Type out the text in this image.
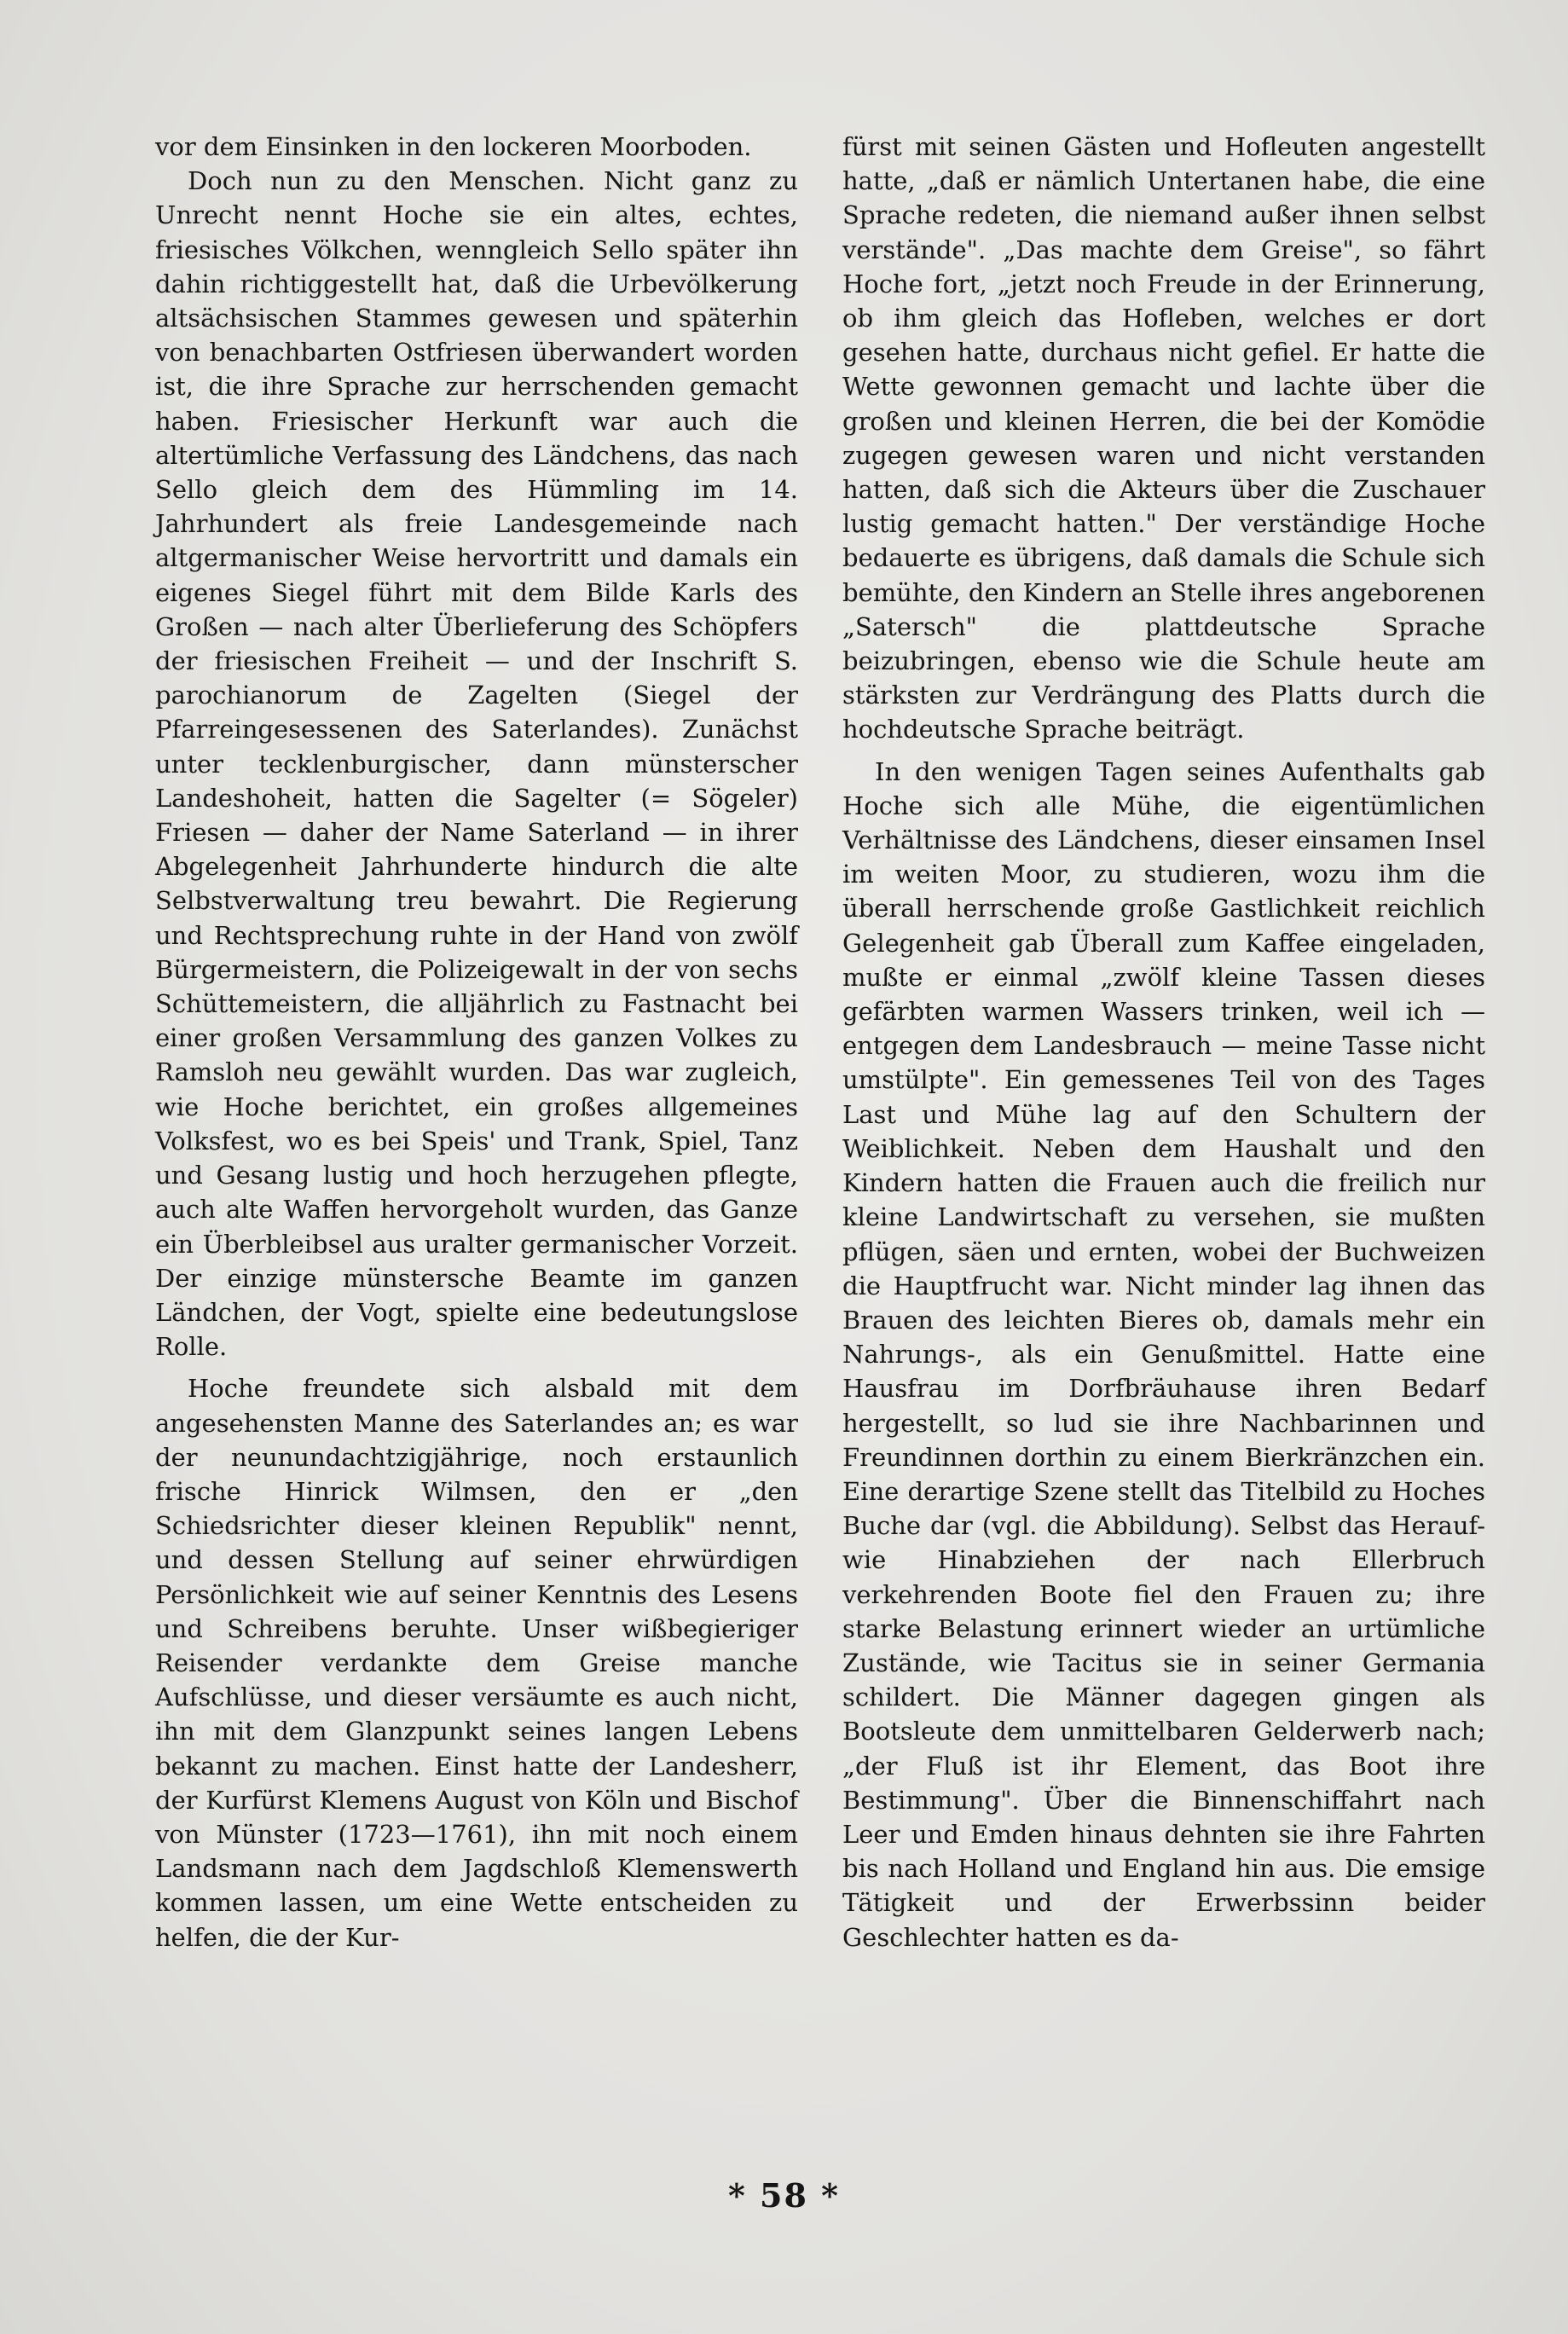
vor dem Einsinken in den lockeren Moorboden.

Doch nun zu den Menschen. Nicht ganz zu Unrecht nennt Hoche sie ein altes, echtes, friesisches Völkchen, wenngleich Sello später ihn dahin richtiggestellt hat, daß die Urbevölkerung altsächsischen Stammes gewesen und späterhin von benachbarten Ostfriesen überwandert worden ist, die ihre Sprache zur herrschenden gemacht haben. Friesischer Herkunft war auch die altertümliche Verfassung des Ländchens, das nach Sello gleich dem des Hümmling im 14. Jahrhundert als freie Landesgemeinde nach altgermanischer Weise hervortritt und damals ein eigenes Siegel führt mit dem Bilde Karls des Großen — nach alter Überlieferung des Schöpfers der friesischen Freiheit — und der Inschrift S. parochianorum de Zagelten (Siegel der Pfarreingesessenen des Saterlandes). Zunächst unter tecklenburgischer, dann münsterscher Landeshoheit, hatten die Sagelter (= Sögeler) Friesen — daher der Name Saterland — in ihrer Abgelegenheit Jahrhunderte hindurch die alte Selbstverwaltung treu bewahrt. Die Regierung und Rechtsprechung ruhte in der Hand von zwölf Bürgermeistern, die Polizeigewalt in der von sechs Schüttemeistern, die alljährlich zu Fastnacht bei einer großen Versammlung des ganzen Volkes zu Ramsloh neu gewählt wurden. Das war zugleich, wie Hoche berichtet, ein großes allgemeines Volksfest, wo es bei Speis' und Trank, Spiel, Tanz und Gesang lustig und hoch herzugehen pflegte, auch alte Waffen hervorgeholt wurden, das Ganze ein Überbleibsel aus uralter germanischer Vorzeit. Der einzige münstersche Beamte im ganzen Ländchen, der Vogt, spielte eine bedeutungslose Rolle.

Hoche freundete sich alsbald mit dem angesehensten Manne des Saterlandes an; es war der neunundachtzigjährige, noch erstaunlich frische Hinrick Wilmsen, den er „den Schiedsrichter dieser kleinen Republik" nennt, und dessen Stellung auf seiner ehrwürdigen Persönlichkeit wie auf seiner Kenntnis des Lesens und Schreibens beruhte. Unser wißbegieriger Reisender verdankte dem Greise manche Aufschlüsse, und dieser versäumte es auch nicht, ihn mit dem Glanzpunkt seines langen Lebens bekannt zu machen. Einst hatte der Landesherr, der Kurfürst Klemens August von Köln und Bischof von Münster (1723—1761), ihn mit noch einem Landsmann nach dem Jagdschloß Klemenswerth kommen lassen, um eine Wette entscheiden zu helfen, die der Kur-

fürst mit seinen Gästen und Hofleuten angestellt hatte, „daß er nämlich Untertanen habe, die eine Sprache redeten, die niemand außer ihnen selbst verstände". „Das machte dem Greise", so fährt Hoche fort, „jetzt noch Freude in der Erinnerung, ob ihm gleich das Hofleben, welches er dort gesehen hatte, durchaus nicht gefiel. Er hatte die Wette gewonnen gemacht und lachte über die großen und kleinen Herren, die bei der Komödie zugegen gewesen waren und nicht verstanden hatten, daß sich die Akteurs über die Zuschauer lustig gemacht hatten." Der verständige Hoche bedauerte es übrigens, daß damals die Schule sich bemühte, den Kindern an Stelle ihres angeborenen „Satersch" die plattdeutsche Sprache beizubringen, ebenso wie die Schule heute am stärksten zur Verdrängung des Platts durch die hochdeutsche Sprache beiträgt.

In den wenigen Tagen seines Aufenthalts gab Hoche sich alle Mühe, die eigentümlichen Verhältnisse des Ländchens, dieser einsamen Insel im weiten Moor, zu studieren, wozu ihm die überall herrschende große Gastlichkeit reichlich Gelegenheit gab Überall zum Kaffee eingeladen, mußte er einmal „zwölf kleine Tassen dieses gefärbten warmen Wassers trinken, weil ich — entgegen dem Landesbrauch — meine Tasse nicht umstülpte". Ein gemessenes Teil von des Tages Last und Mühe lag auf den Schultern der Weiblichkeit. Neben dem Haushalt und den Kindern hatten die Frauen auch die freilich nur kleine Landwirtschaft zu versehen, sie mußten pflügen, säen und ernten, wobei der Buchweizen die Hauptfrucht war. Nicht minder lag ihnen das Brauen des leichten Bieres ob, damals mehr ein Nahrungs-, als ein Genußmittel. Hatte eine Hausfrau im Dorfbräuhause ihren Bedarf hergestellt, so lud sie ihre Nachbarinnen und Freundinnen dorthin zu einem Bierkränzchen ein. Eine derartige Szene stellt das Titelbild zu Hoches Buche dar (vgl. die Abbildung). Selbst das Herauf- wie Hinabziehen der nach Ellerbruch verkehrenden Boote fiel den Frauen zu; ihre starke Belastung erinnert wieder an urtümliche Zustände, wie Tacitus sie in seiner Germania schildert. Die Männer dagegen gingen als Bootsleute dem unmittelbaren Gelderwerb nach; „der Fluß ist ihr Element, das Boot ihre Bestimmung". Über die Binnenschiffahrt nach Leer und Emden hinaus dehnten sie ihre Fahrten bis nach Holland und England hin aus. Die emsige Tätigkeit und der Erwerbssinn beider Geschlechter hatten es da-

* 58 *
